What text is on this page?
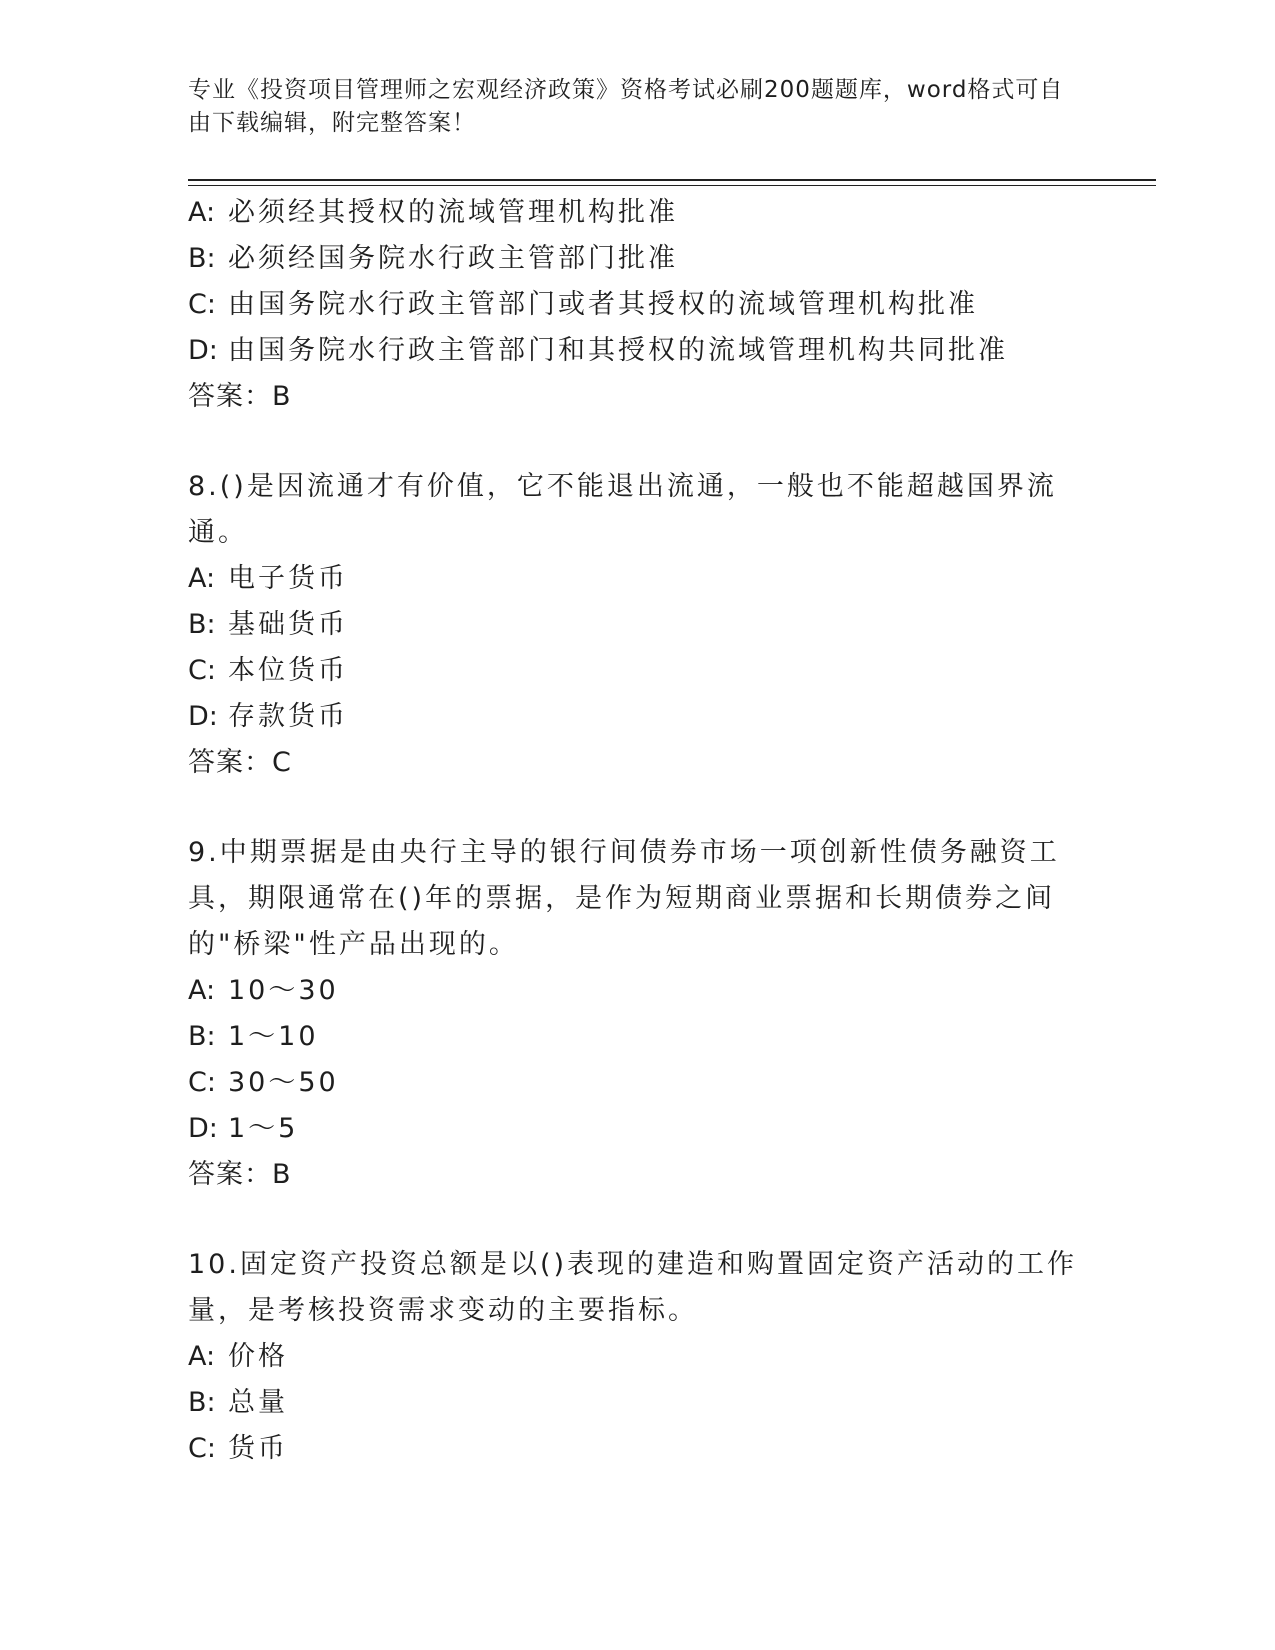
专业《投资项目管理师之宏观经济政策》资格考试必刷200题题库，word格式可自由下载编辑，附完整答案！
A: 必须经其授权的流域管理机构批准
B: 必须经国务院水行政主管部门批准
C: 由国务院水行政主管部门或者其授权的流域管理机构批准
D: 由国务院水行政主管部门和其授权的流域管理机构共同批准
答案：B
8.()是因流通才有价值，它不能退出流通，一般也不能超越国界流通。
A: 电子货币
B: 基础货币
C: 本位货币
D: 存款货币
答案：C
9.中期票据是由央行主导的银行间债券市场一项创新性债务融资工具，期限通常在()年的票据，是作为短期商业票据和长期债券之间的"桥梁"性产品出现的。
A: 10～30
B: 1～10
C: 30～50
D: 1～5
答案：B
10.固定资产投资总额是以()表现的建造和购置固定资产活动的工作量，是考核投资需求变动的主要指标。
A: 价格
B: 总量
C: 货币
